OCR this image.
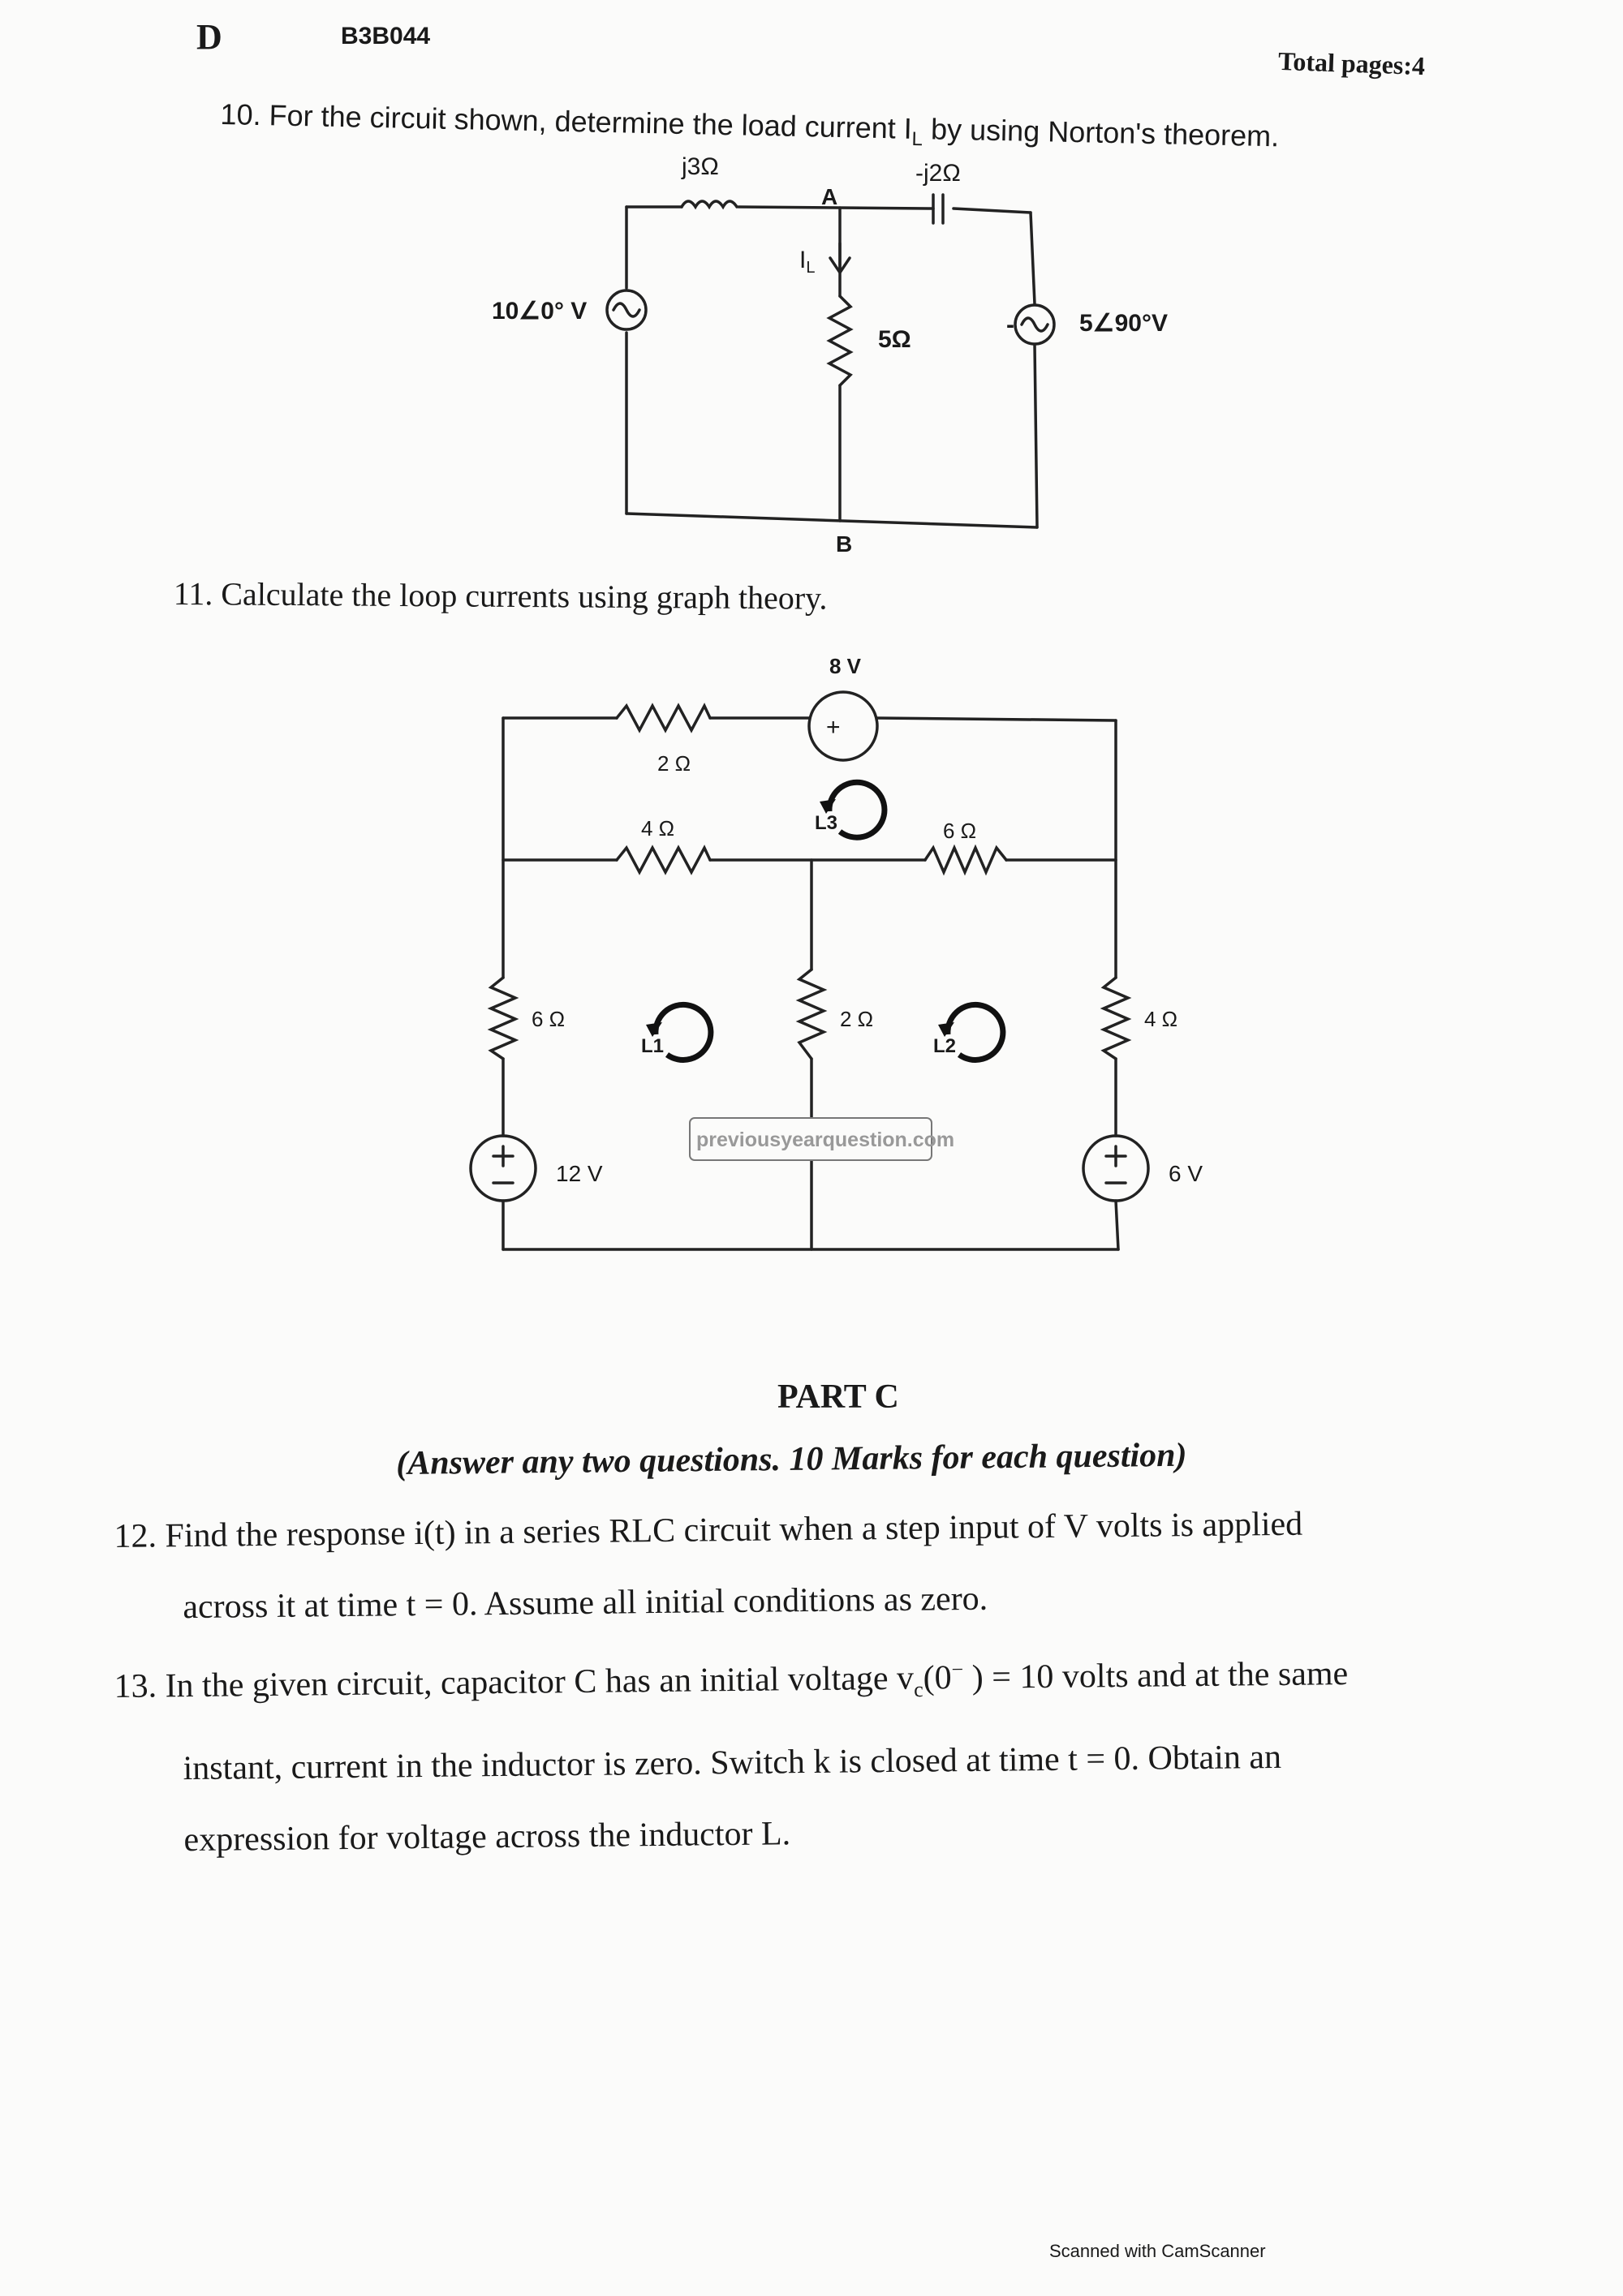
D	B3B044
Total pages:4
10. For the circuit shown, determine the load current $I_L$ by using Norton's theorem.
j3Ω	-j2Ω
A
B
10∠0° V	5∠90°V
-
5Ω
$I_L$
8 V
+
2 Ω
4 Ω	6 Ω
6 Ω	2 Ω	4 Ω
12 V	6 V
L1	L2
L3
previousyearquestion.com
11. Calculate the loop currents using graph theory.
PART C
(Answer any two questions. 10 Marks for each question)
12. Find the response i(t) in a series RLC circuit when a step input of V volts is applied
across it at time t = 0. Assume all initial conditions as zero.
13. In the given circuit, capacitor C has an initial voltage $v_c(0^-$ ) = 10 volts and at the same
instant, current in the inductor is zero. Switch k is closed at time t = 0. Obtain an
expression for voltage across the inductor L.
Scanned with CamScanner
